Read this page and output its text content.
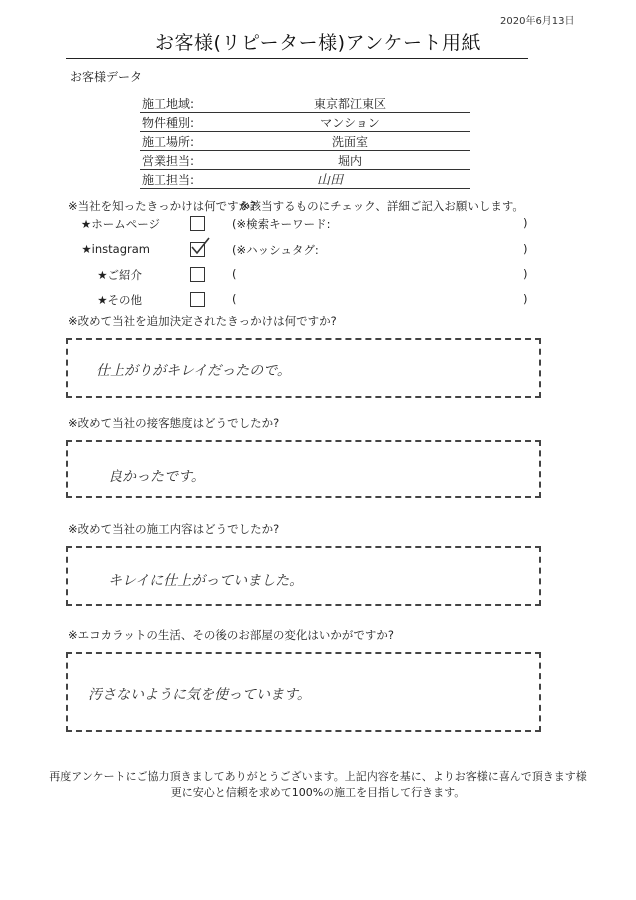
2020年6月13日
お客様(リピーター様)アンケート用紙
お客様データ
施工地域:	東京都江東区
物件種別:	マンション
施工場所:	洗面室
営業担当:	堀内
施工担当:	山田
※当社を知ったきっかけは何ですか?
※該当するものにチェック、詳細ご記入お願いします。
★ホームページ	(※検索キーワード:	)
★instagram	(※ハッシュタグ:	)
★ご紹介	(	)
★その他	(	)
※改めて当社を追加決定されたきっかけは何ですか?
仕上がりがキレイだったので。
※改めて当社の接客態度はどうでしたか?
良かったです。
※改めて当社の施工内容はどうでしたか?
キレイに仕上がっていました。
※エコカラットの生活、その後のお部屋の変化はいかがですか?
汚さないように気を使っています。
再度アンケートにご協力頂きましてありがとうございます。上記内容を基に、よりお客様に喜んで頂きます様
更に安心と信頼を求めて100%の施工を目指して行きます。
